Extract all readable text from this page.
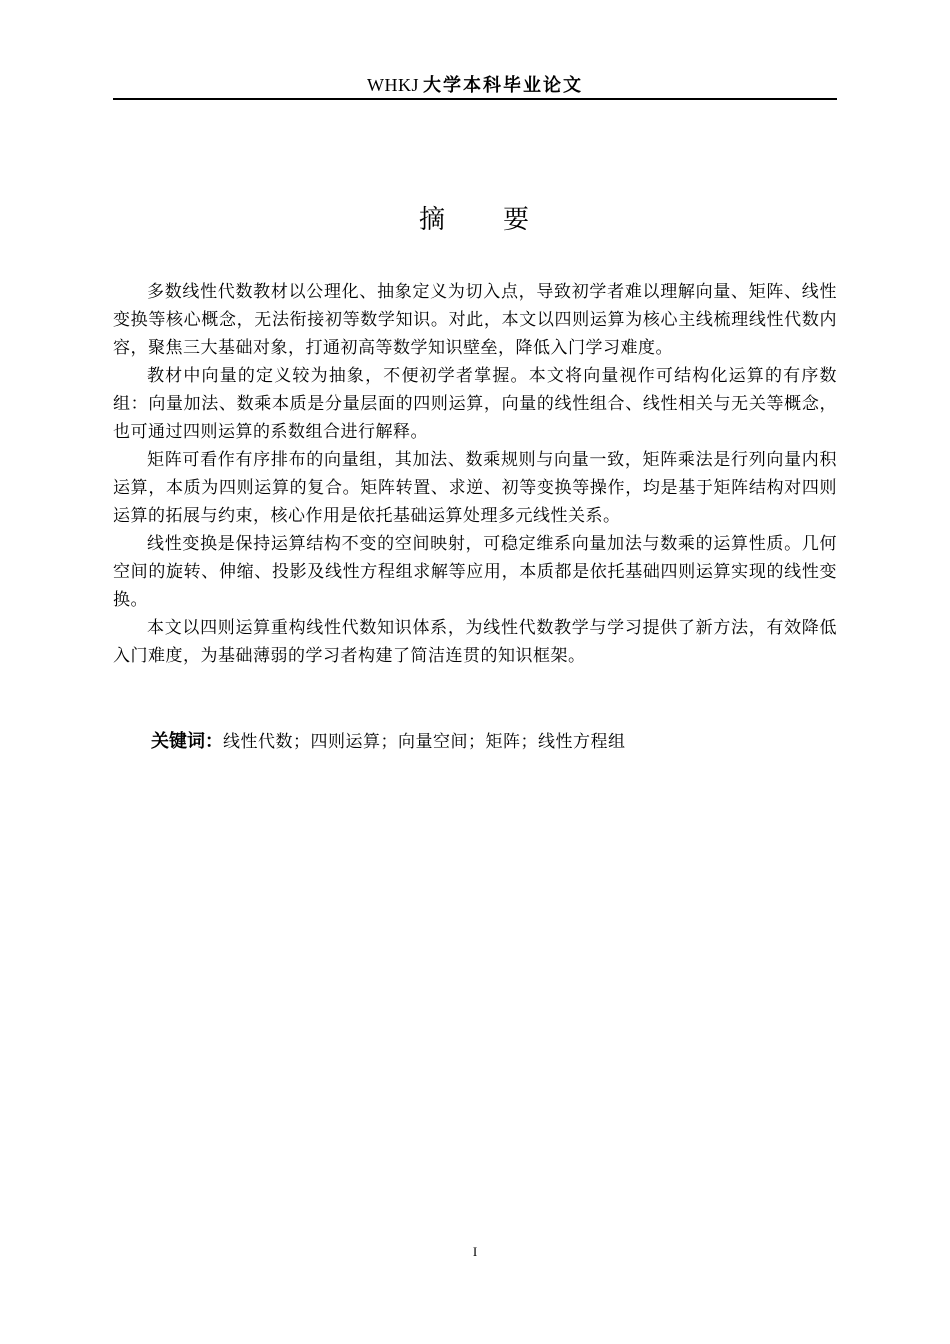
WHKJ 大学本科毕业论文
摘 要

多数线性代数教材以公理化、抽象定义为切入点，导致初学者难以理解向量、矩阵、线性变换等核心概念，无法衔接初等数学知识。对此，本文以四则运算为核心主线梳理线性代数内容，聚焦三大基础对象，打通初高等数学知识壁垒，降低入门学习难度。

教材中向量的定义较为抽象，不便初学者掌握。本文将向量视作可结构化运算的有序数组：向量加法、数乘本质是分量层面的四则运算，向量的线性组合、线性相关与无关等概念，也可通过四则运算的系数组合进行解释。

矩阵可看作有序排布的向量组，其加法、数乘规则与向量一致，矩阵乘法是行列向量内积运算，本质为四则运算的复合。矩阵转置、求逆、初等变换等操作，均是基于矩阵结构对四则运算的拓展与约束，核心作用是依托基础运算处理多元线性关系。

线性变换是保持运算结构不变的空间映射，可稳定维系向量加法与数乘的运算性质。几何空间的旋转、伸缩、投影及线性方程组求解等应用，本质都是依托基础四则运算实现的线性变换。

本文以四则运算重构线性代数知识体系，为线性代数教学与学习提供了新方法，有效降低入门难度，为基础薄弱的学习者构建了简洁连贯的知识框架。

关键词：线性代数；四则运算；向量空间；矩阵；线性方程组
I
